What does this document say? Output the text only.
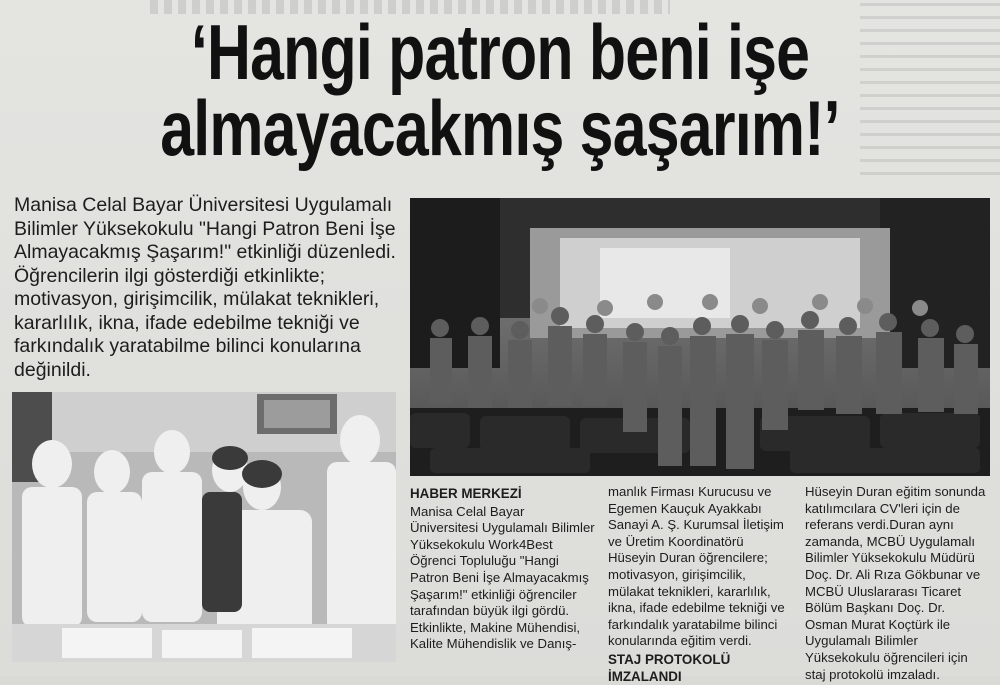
‘Hangi patron beni işe
almayacakmış şaşarım!’

Manisa Celal Bayar Üniversitesi Uygulamalı Bilimler Yüksekokulu "Hangi Patron Beni İşe Almayacakmış Şaşarım!" etkinliği düzenledi. Öğrencilerin ilgi gösterdiği etkinlikte; motivasyon, girişimcilik, mülakat teknikleri, kararlılık, ikna, ifade edebilme tekniği ve farkındalık yaratabilme bilinci konularına değinildi.

HABER MERKEZİ

Manisa Celal Bayar Üniversitesi Uygulamalı Bilimler Yüksekokulu Work4Best Öğrenci Topluluğu "Hangi Patron Beni İşe Almayacakmış Şaşarım!" etkinliği öğrenciler tarafından büyük ilgi gördü.

Etkinlikte, Makine Mühendisi, Kalite Mühendislik ve Danış-

manlık Firması Kurucusu ve Egemen Kauçuk Ayakkabı Sanayi A. Ş. Kurumsal İletişim ve Üretim Koordinatörü Hüseyin Duran öğrencilere; motivasyon, girişimcilik, mülakat teknikleri, kararlılık, ikna, ifade edebilme tekniği ve farkındalık yaratabilme bilinci konularında eğitim verdi.

STAJ PROTOKOLÜ İMZALANDI

Hüseyin Duran eğitim sonunda katılımcılara CV'leri için de referans verdi.Duran aynı zamanda, MCBÜ Uygulamalı Bilimler Yüksekokulu Müdürü Doç. Dr. Ali Rıza Gökbunar ve MCBÜ Uluslararası Ticaret Bölüm Başkanı Doç. Dr. Osman Murat Koçtürk ile Uygulamalı Bilimler Yüksekokulu öğrencileri için staj protokolü imzaladı.
